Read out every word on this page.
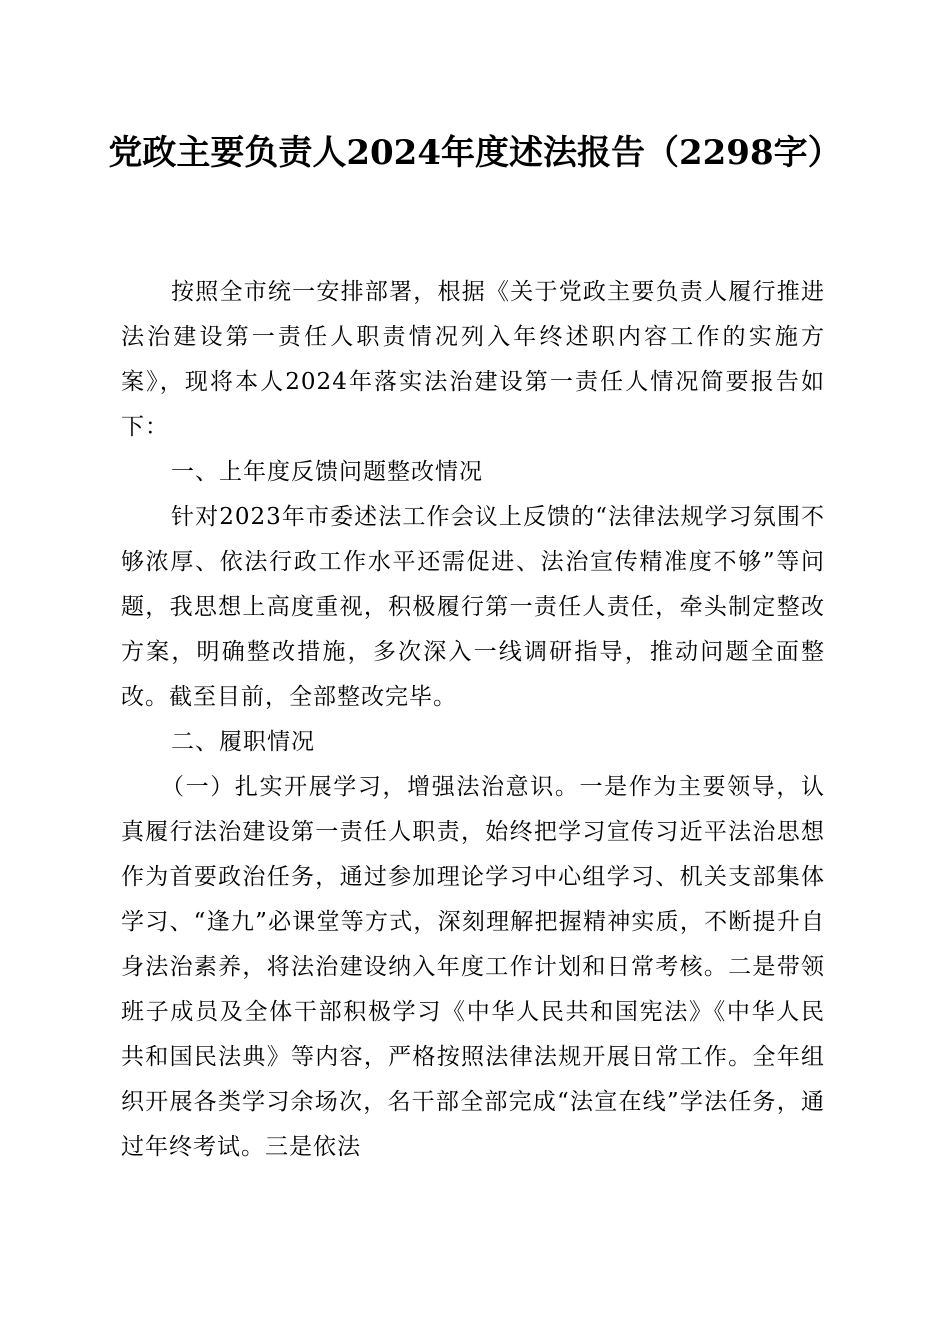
党政主要负责人2024年度述法报告（2298字）

按照全市统一安排部署，根据《关于党政主要负责人履行推进法治建设第一责任人职责情况列入年终述职内容工作的实施方案》，现将本人2024年落实法治建设第一责任人情况简要报告如下：

一、上年度反馈问题整改情况

针对2023年市委述法工作会议上反馈的“法律法规学习氛围不够浓厚、依法行政工作水平还需促进、法治宣传精准度不够”等问题，我思想上高度重视，积极履行第一责任人责任，牵头制定整改方案，明确整改措施，多次深入一线调研指导，推动问题全面整改。截至目前，全部整改完毕。

二、履职情况

（一）扎实开展学习，增强法治意识。一是作为主要领导，认真履行法治建设第一责任人职责，始终把学习宣传习近平法治思想作为首要政治任务，通过参加理论学习中心组学习、机关支部集体学习、“逢九”必课堂等方式，深刻理解把握精神实质，不断提升自身法治素养，将法治建设纳入年度工作计划和日常考核。二是带领班子成员及全体干部积极学习《中华人民共和国宪法》《中华人民共和国民法典》等内容，严格按照法律法规开展日常工作。全年组织开展各类学习余场次，名干部全部完成“法宣在线”学法任务，通过年终考试。三是依法
